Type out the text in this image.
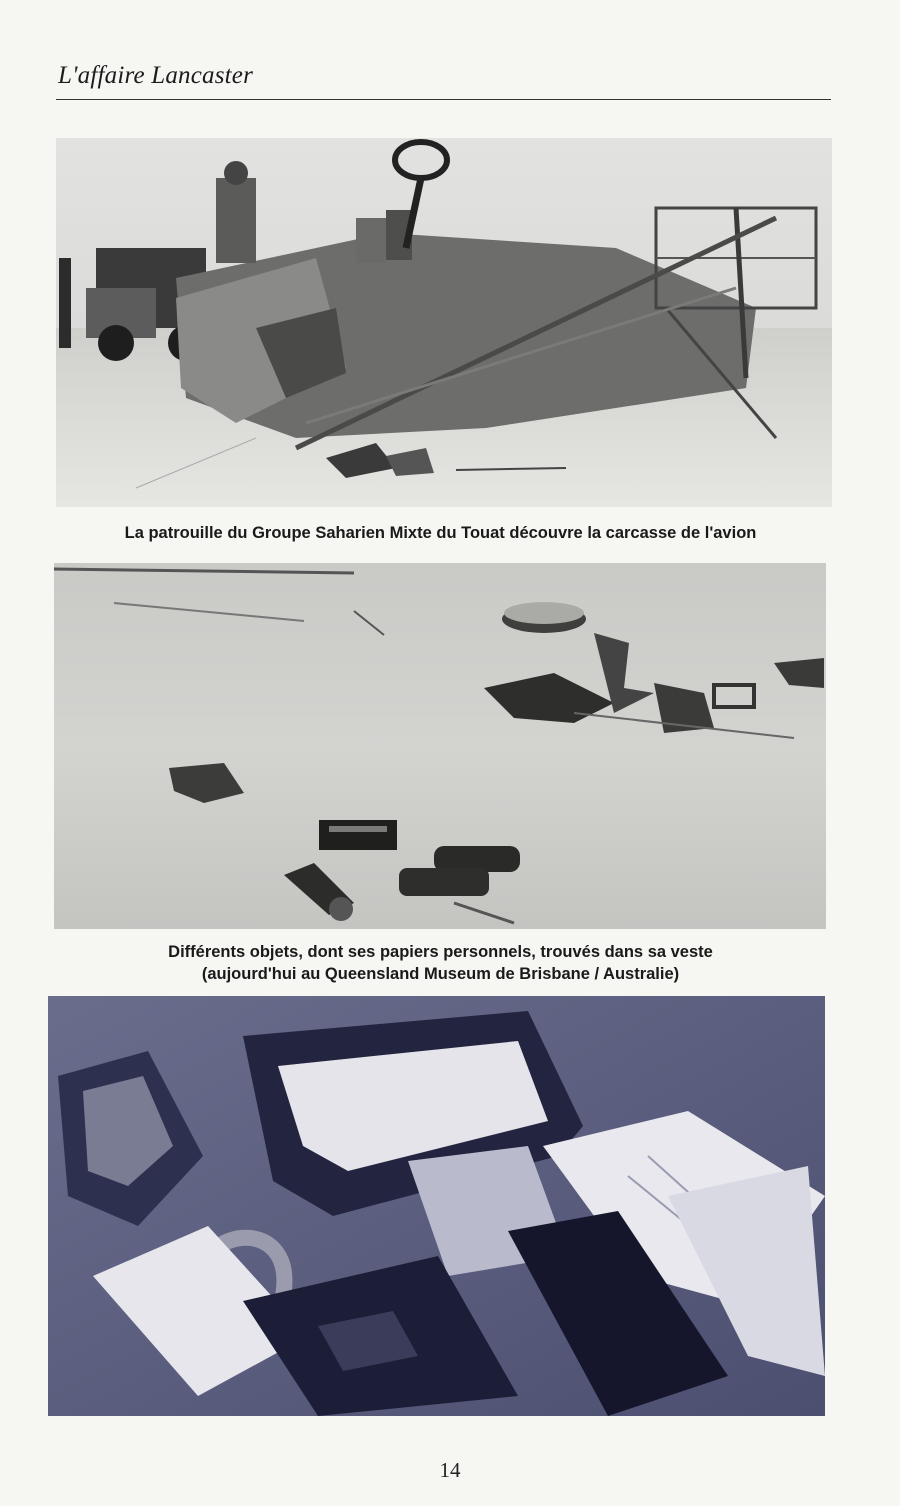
L'affaire Lancaster
La patrouille du Groupe Saharien Mixte du Touat découvre la carcasse de l'avion
Différents objets, dont ses papiers personnels, trouvés dans sa veste
(aujourd'hui au Queensland Museum de Brisbane / Australie)
14
